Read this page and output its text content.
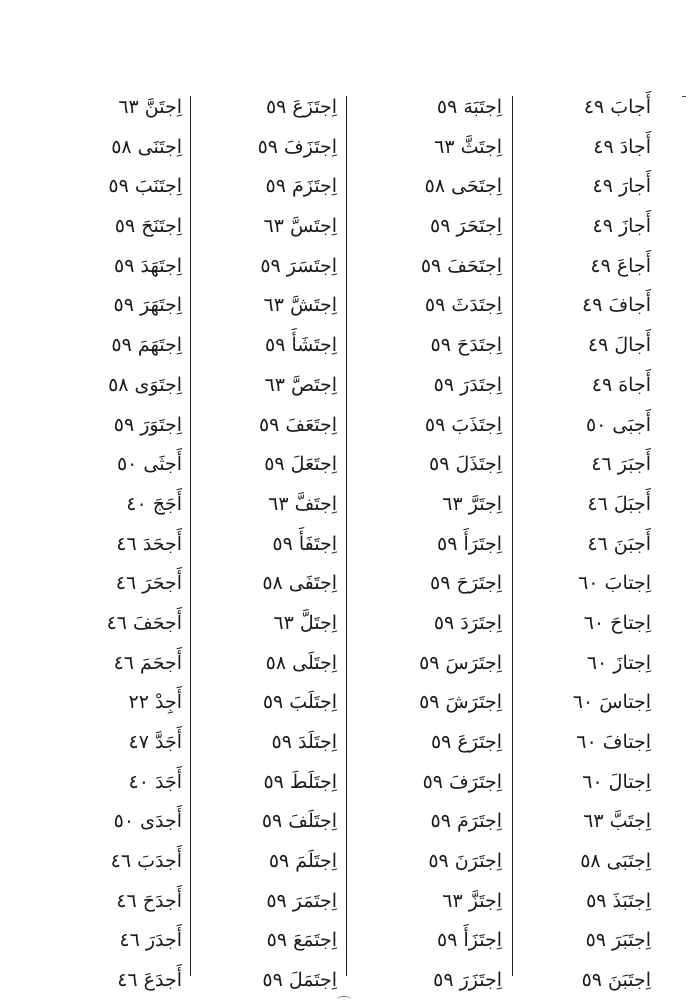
أَجابَ ٤٩
أَجادَ ٤٩
أَجارَ ٤٩
أَجازَ ٤٩
أَجاعَ ٤٩
أَجافَ ٤٩
أَجالَ ٤٩
أَجاهَ ٤٩
أَجبَى ٥٠
أَجبَرَ ٤٦
أَجبَلَ ٤٦
أَجبَنَ ٤٦
اِجتابَ ٦٠
اِجتاحَ ٦٠
اِجتازَ ٦٠
اِجتاسَ ٦٠
اِجتافَ ٦٠
اِجتالَ ٦٠
اِجتَبَّ ٦٣
اِجتَبَى ٥٨
اِجتَبَذَ ٥٩
اِجتَبَرَ ٥٩
اِجتَبَنَ ٥٩
اِجتَبَهَ ٥٩
اِجتَثَّ ٦٣
اِجتَحَى ٥٨
اِجتَحَرَ ٥٩
اِجتَحَفَ ٥٩
اِجتَدَثَ ٥٩
اِجتَدَحَ ٥٩
اِجتَدَرَ ٥٩
اِجتَذَبَ ٥٩
اِجتَذَلَ ٥٩
اِجتَرَّ ٦٣
اِجتَرَأَ ٥٩
اِجتَرَحَ ٥٩
اِجتَرَدَ ٥٩
اِجتَرَسَ ٥٩
اِجتَرَشَ ٥٩
اِجتَرَعَ ٥٩
اِجتَرَفَ ٥٩
اِجتَرَمَ ٥٩
اِجتَرَنَ ٥٩
اِجتَزَّ ٦٣
اِجتَزَأَ ٥٩
اِجتَزَرَ ٥٩
اِجتَزَعَ ٥٩
اِجتَزَفَ ٥٩
اِجتَزَمَ ٥٩
اِجتَسَّ ٦٣
اِجتَسَرَ ٥٩
اِجتَشَّ ٦٣
اِجتَشَأَ ٥٩
اِجتَصَّ ٦٣
اِجتَعَفَ ٥٩
اِجتَعَلَ ٥٩
اِجتَفَّ ٦٣
اِجتَفَأَ ٥٩
اِجتَفَى ٥٨
اِجتَلَّ ٦٣
اِجتَلَى ٥٨
اِجتَلَبَ ٥٩
اِجتَلَدَ ٥٩
اِجتَلَطَ ٥٩
اِجتَلَفَ ٥٩
اِجتَلَمَ ٥٩
اِجتَمَرَ ٥٩
اِجتَمَعَ ٥٩
اِجتَمَلَ ٥٩
اِجتَنَّ ٦٣
اِجتَنَى ٥٨
اِجتَنَبَ ٥٩
اِجتَنَحَ ٥٩
اِجتَهَدَ ٥٩
اِجتَهَرَ ٥٩
اِجتَهَمَ ٥٩
اِجتَوَى ٥٨
اِجتَوَرَ ٥٩
أَجثَى ٥٠
أَجَجَ ٤٠
أَجحَدَ ٤٦
أَجحَرَ ٤٦
أَجحَفَ ٤٦
أَجحَمَ ٤٦
أَجِدْ ٢٢
أَجَدَّ ٤٧
أَجَدَ ٤٠
أَجدَى ٥٠
أَجدَبَ ٤٦
أَجدَحَ ٤٦
أَجدَرَ ٤٦
أَجدَعَ ٤٦
